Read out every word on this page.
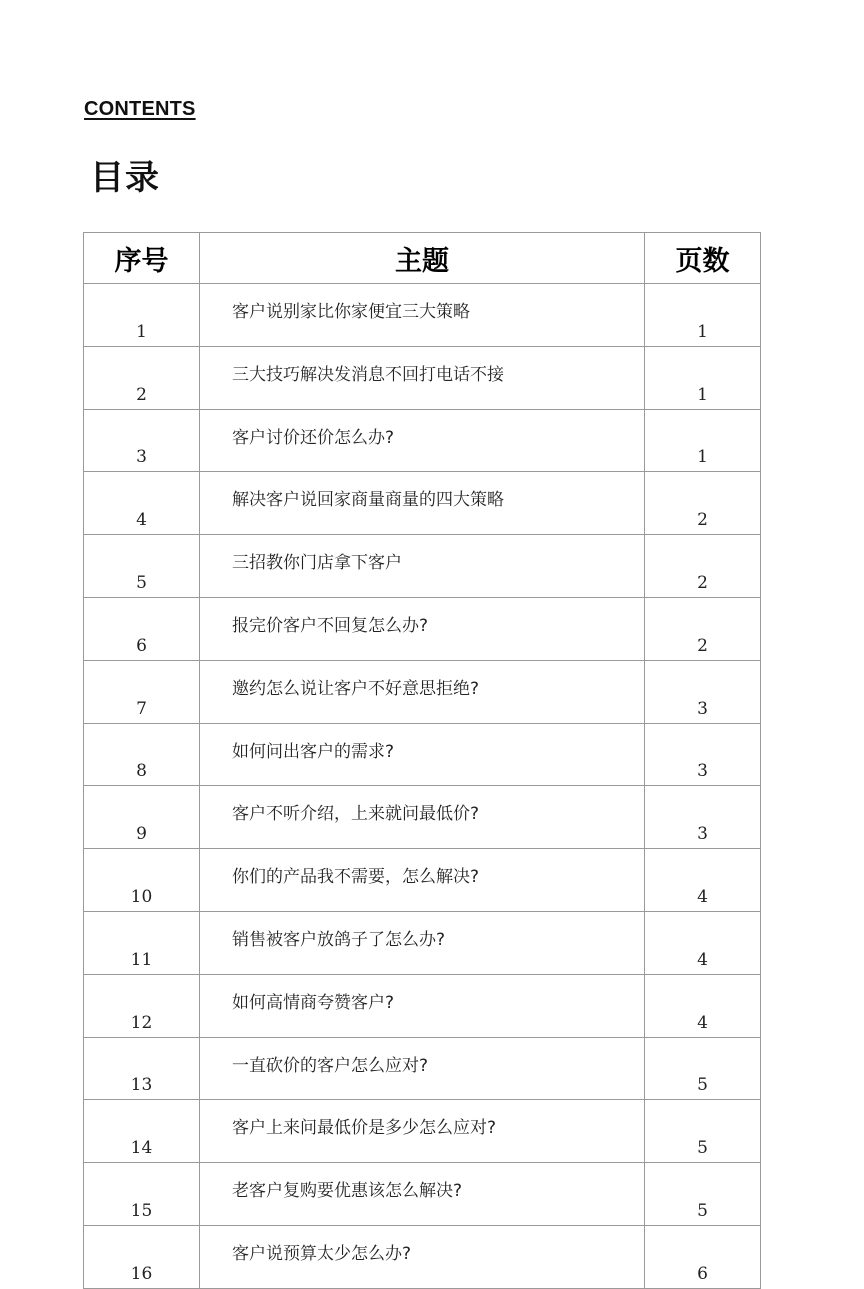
CONTENTS
目录
序号	主题	页数
1	客户说别家比你家便宜三大策略	1
2	三大技巧解决发消息不回打电话不接	1
3	客户讨价还价怎么办?	1
4	解决客户说回家商量商量的四大策略	2
5	三招教你门店拿下客户	2
6	报完价客户不回复怎么办?	2
7	邀约怎么说让客户不好意思拒绝?	3
8	如何问出客户的需求?	3
9	客户不听介绍，上来就问最低价?	3
10	你们的产品我不需要，怎么解决?	4
11	销售被客户放鸽子了怎么办?	4
12	如何高情商夸赞客户?	4
13	一直砍价的客户怎么应对?	5
14	客户上来问最低价是多少怎么应对?	5
15	老客户复购要优惠该怎么解决?	5
16	客户说预算太少怎么办?	6
